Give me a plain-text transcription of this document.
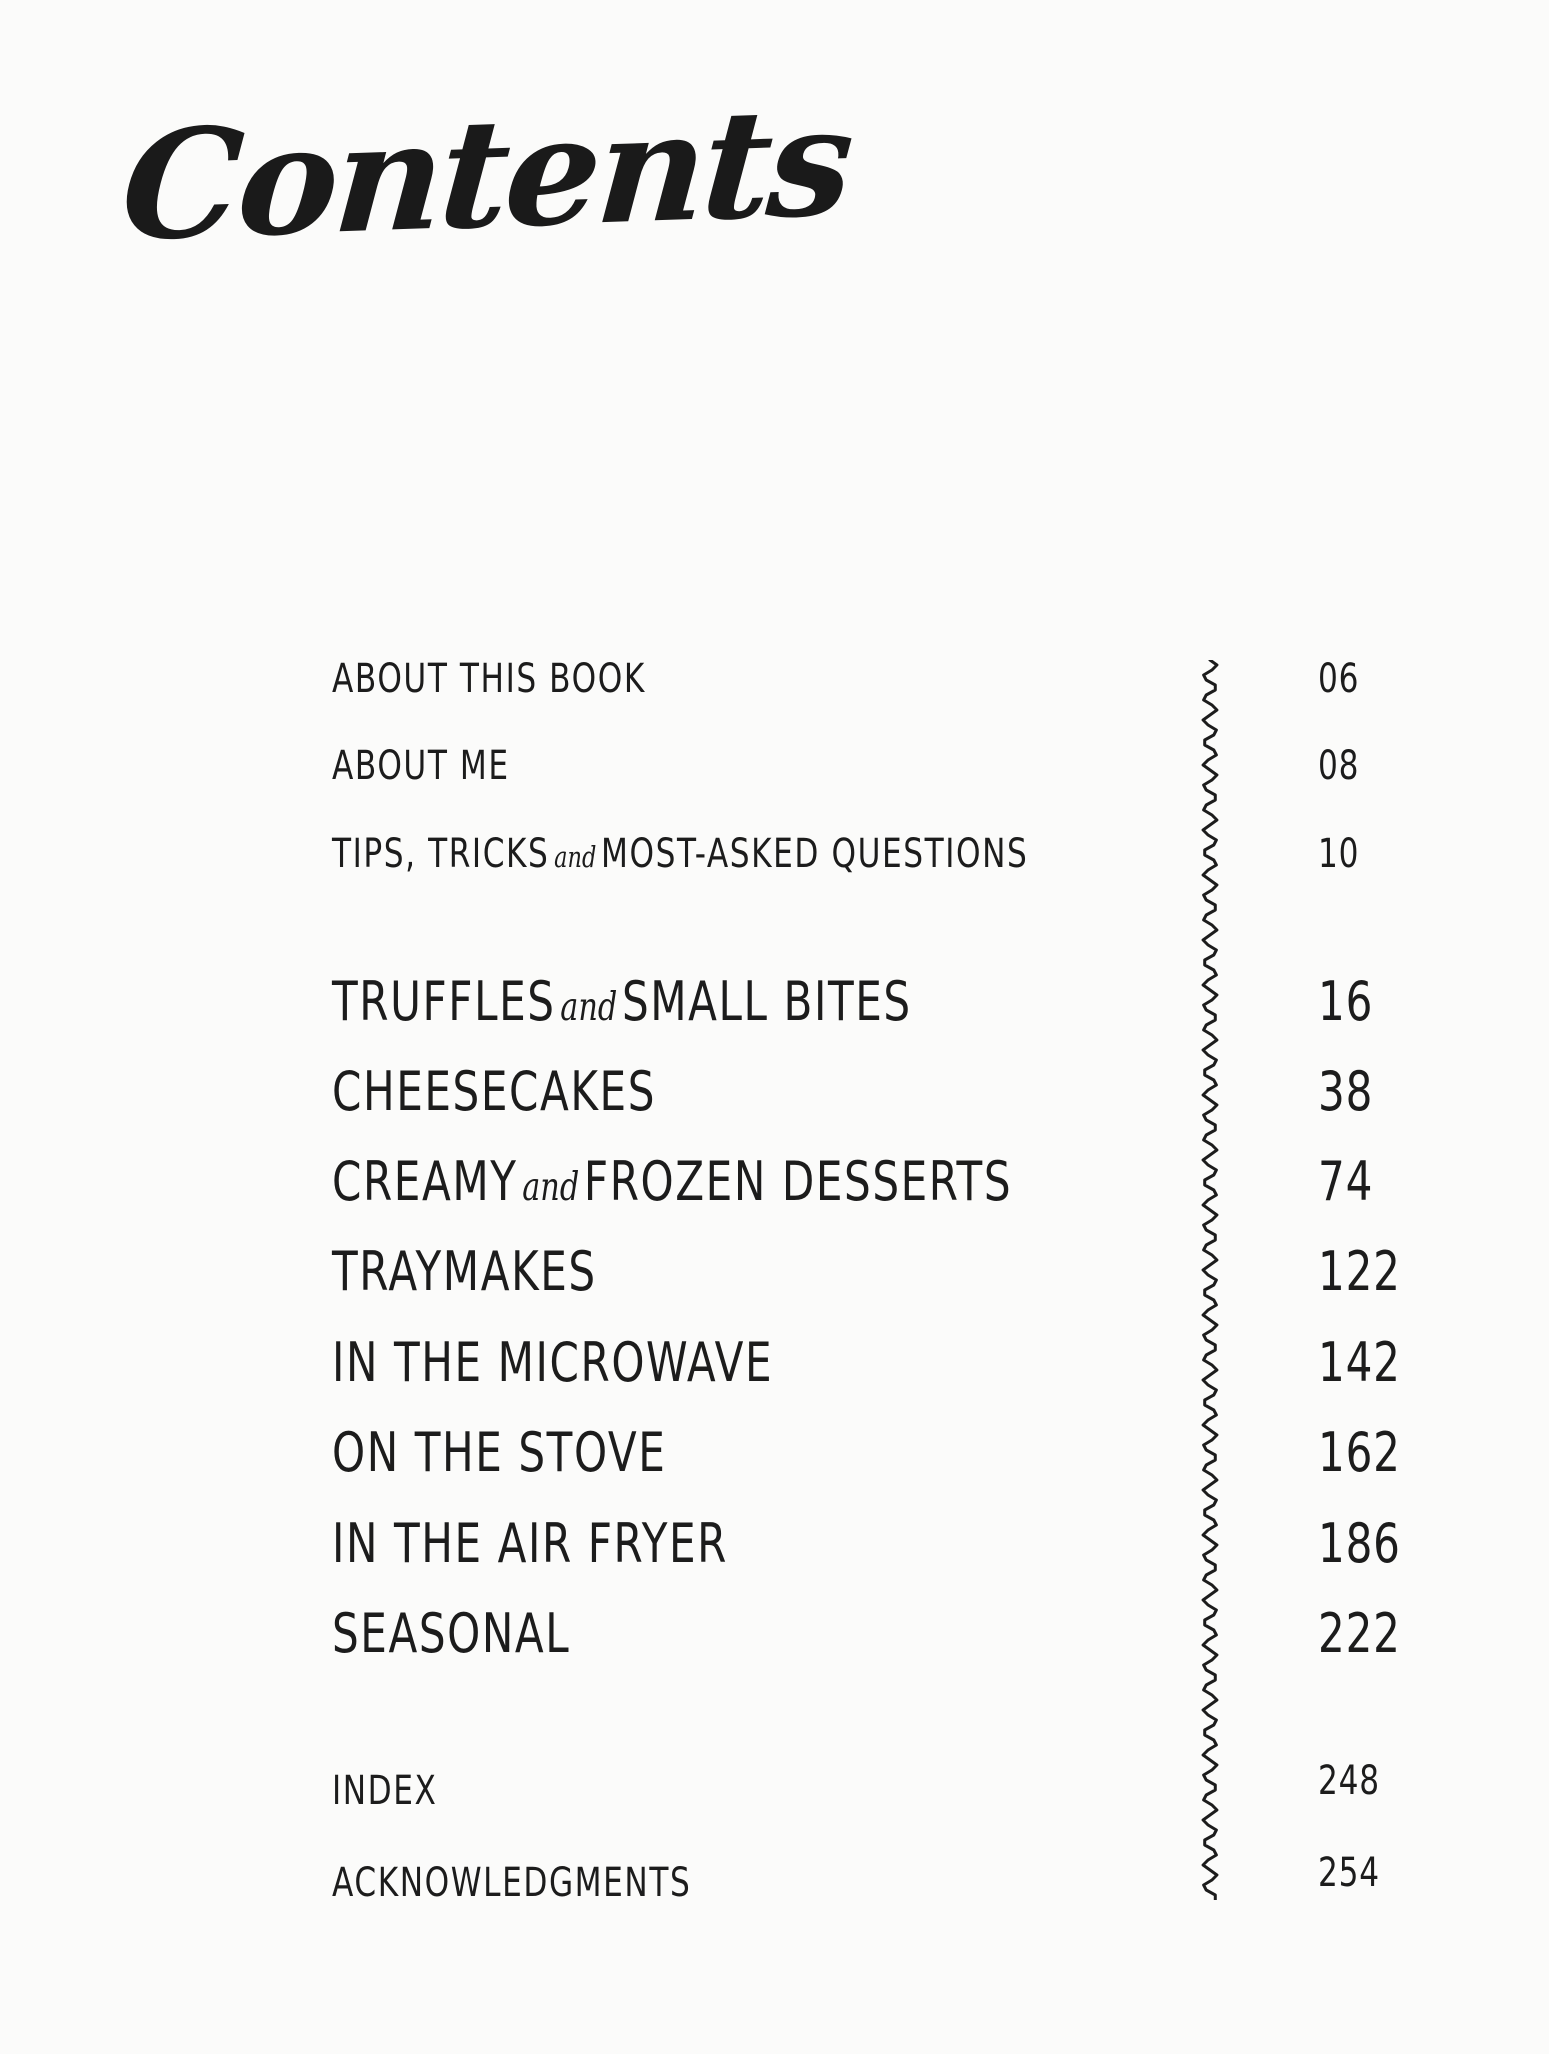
Contents
ABOUT THIS BOOK	06
ABOUT ME	08
TIPS, TRICKS and MOST-ASKED QUESTIONS	10
TRUFFLES andSMALL BITES	16
CHEESECAKES	38
CREAMY andFROZEN DESSERTS	74
TRAYMAKES	122
IN THE MICROWAVE	142
ON THE STOVE	162
IN THE AIR FRYER	186
SEASONAL	222
INDEX	248
ACKNOWLEDGMENTS	254
